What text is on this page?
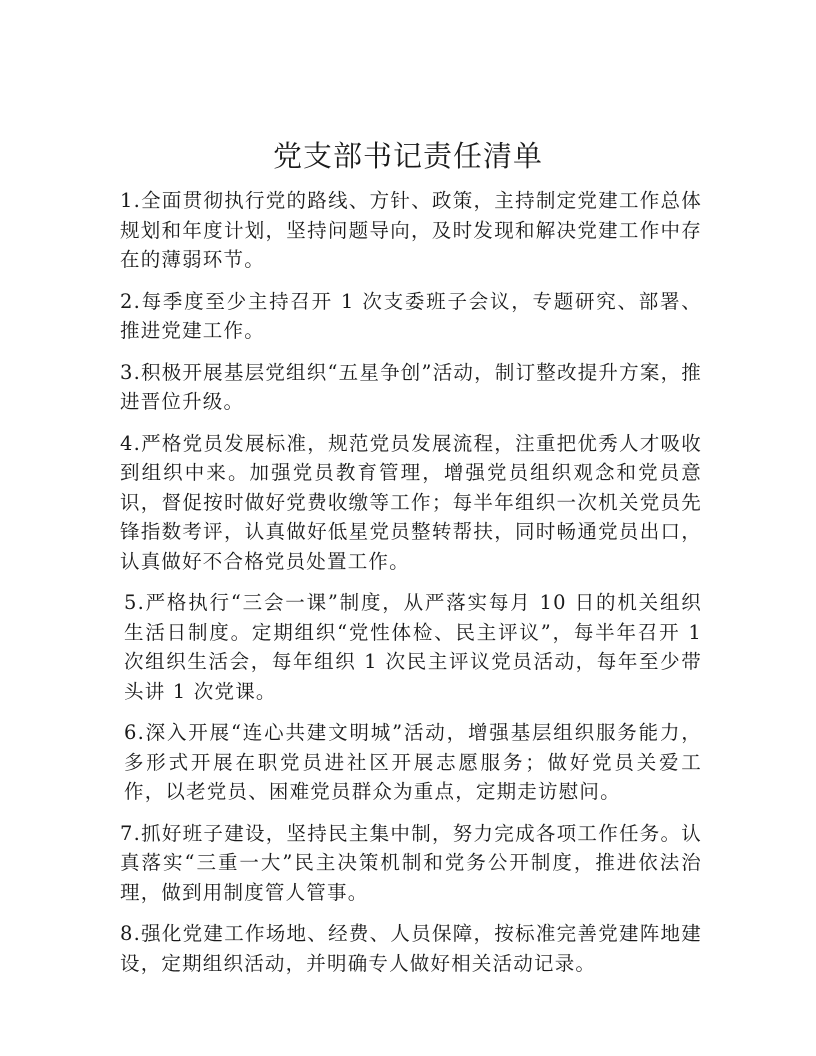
党支部书记责任清单

1.全面贯彻执行党的路线、方针、政策，主持制定党建工作总体规划和年度计划，坚持问题导向，及时发现和解决党建工作中存在的薄弱环节。

2.每季度至少主持召开 1 次支委班子会议，专题研究、部署、推进党建工作。

3.积极开展基层党组织“五星争创”活动，制订整改提升方案，推进晋位升级。

4.严格党员发展标准，规范党员发展流程，注重把优秀人才吸收到组织中来。加强党员教育管理，增强党员组织观念和党员意识，督促按时做好党费收缴等工作；每半年组织一次机关党员先锋指数考评，认真做好低星党员整转帮扶，同时畅通党员出口，认真做好不合格党员处置工作。

5.严格执行“三会一课”制度，从严落实每月 10 日的机关组织生活日制度。定期组织“党性体检、民主评议”，每半年召开 1 次组织生活会，每年组织 1 次民主评议党员活动，每年至少带头讲 1 次党课。

6.深入开展“连心共建文明城”活动，增强基层组织服务能力，多形式开展在职党员进社区开展志愿服务；做好党员关爱工作，以老党员、困难党员群众为重点，定期走访慰问。

7.抓好班子建设，坚持民主集中制，努力完成各项工作任务。认真落实“三重一大”民主决策机制和党务公开制度，推进依法治理，做到用制度管人管事。

8.强化党建工作场地、经费、人员保障，按标准完善党建阵地建设，定期组织活动，并明确专人做好相关活动记录。
